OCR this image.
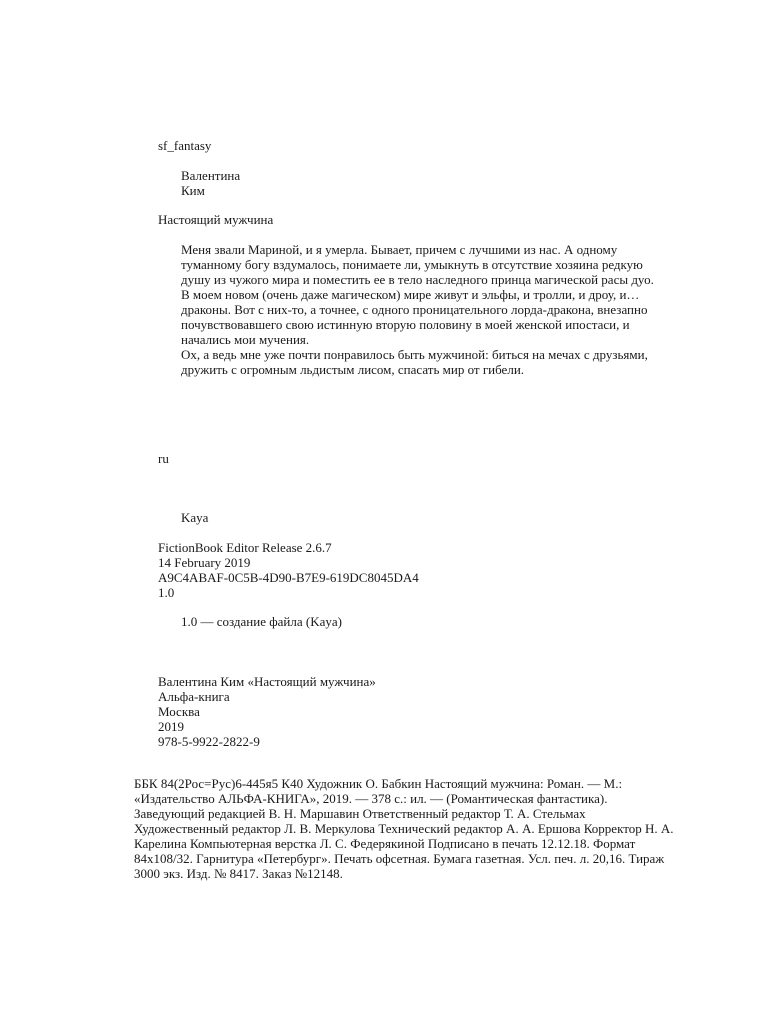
sf_fantasy
Валентина
Ким
Настоящий мужчина
Меня звали Мариной, и я умерла. Бывает, причем с лучшими из нас. А одному туманному богу вздумалось, понимаете ли, умыкнуть в отсутствие хозяина редкую душу из чужого мира и поместить ее в тело наследного принца магической расы дуо.
В моем новом (очень даже магическом) мире живут и эльфы, и тролли, и дроу, и… драконы. Вот с них-то, а точнее, с одного проницательного лорда-дракона, внезапно почувствовавшего свою истинную вторую половину в моей женской ипостаси, и начались мои мучения.
Ох, а ведь мне уже почти понравилось быть мужчиной: биться на мечах с друзьями, дружить с огромным льдистым лисом, спасать мир от гибели.
ru
Kaya
FictionBook Editor Release 2.6.7
14 February 2019
A9C4ABAF-0C5B-4D90-B7E9-619DC8045DA4
1.0
1.0 — создание файла (Kaya)
Валентина Ким «Настоящий мужчина»
Альфа-книга
Москва
2019
978-5-9922-2822-9
ББК 84(2Рос=Рус)6-445я5 К40 Художник О. Бабкин Настоящий мужчина: Роман. — М.: «Издательство АЛЬФА-КНИГА», 2019. — 378 с.: ил. — (Романтическая фантастика). Заведующий редакцией В. Н. Маршавин Ответственный редактор Т. А. Стельмах Художественный редактор Л. В. Меркулова Технический редактор А. А. Ершова Корректор Н. А. Карелина Компьютерная верстка Л. С. Федерякиной Подписано в печать 12.12.18. Формат 84x108/32. Гарнитура «Петербург». Печать офсетная. Бумага газетная. Усл. печ. л. 20,16. Тираж 3000 экз. Изд. № 8417. Заказ №12148.
